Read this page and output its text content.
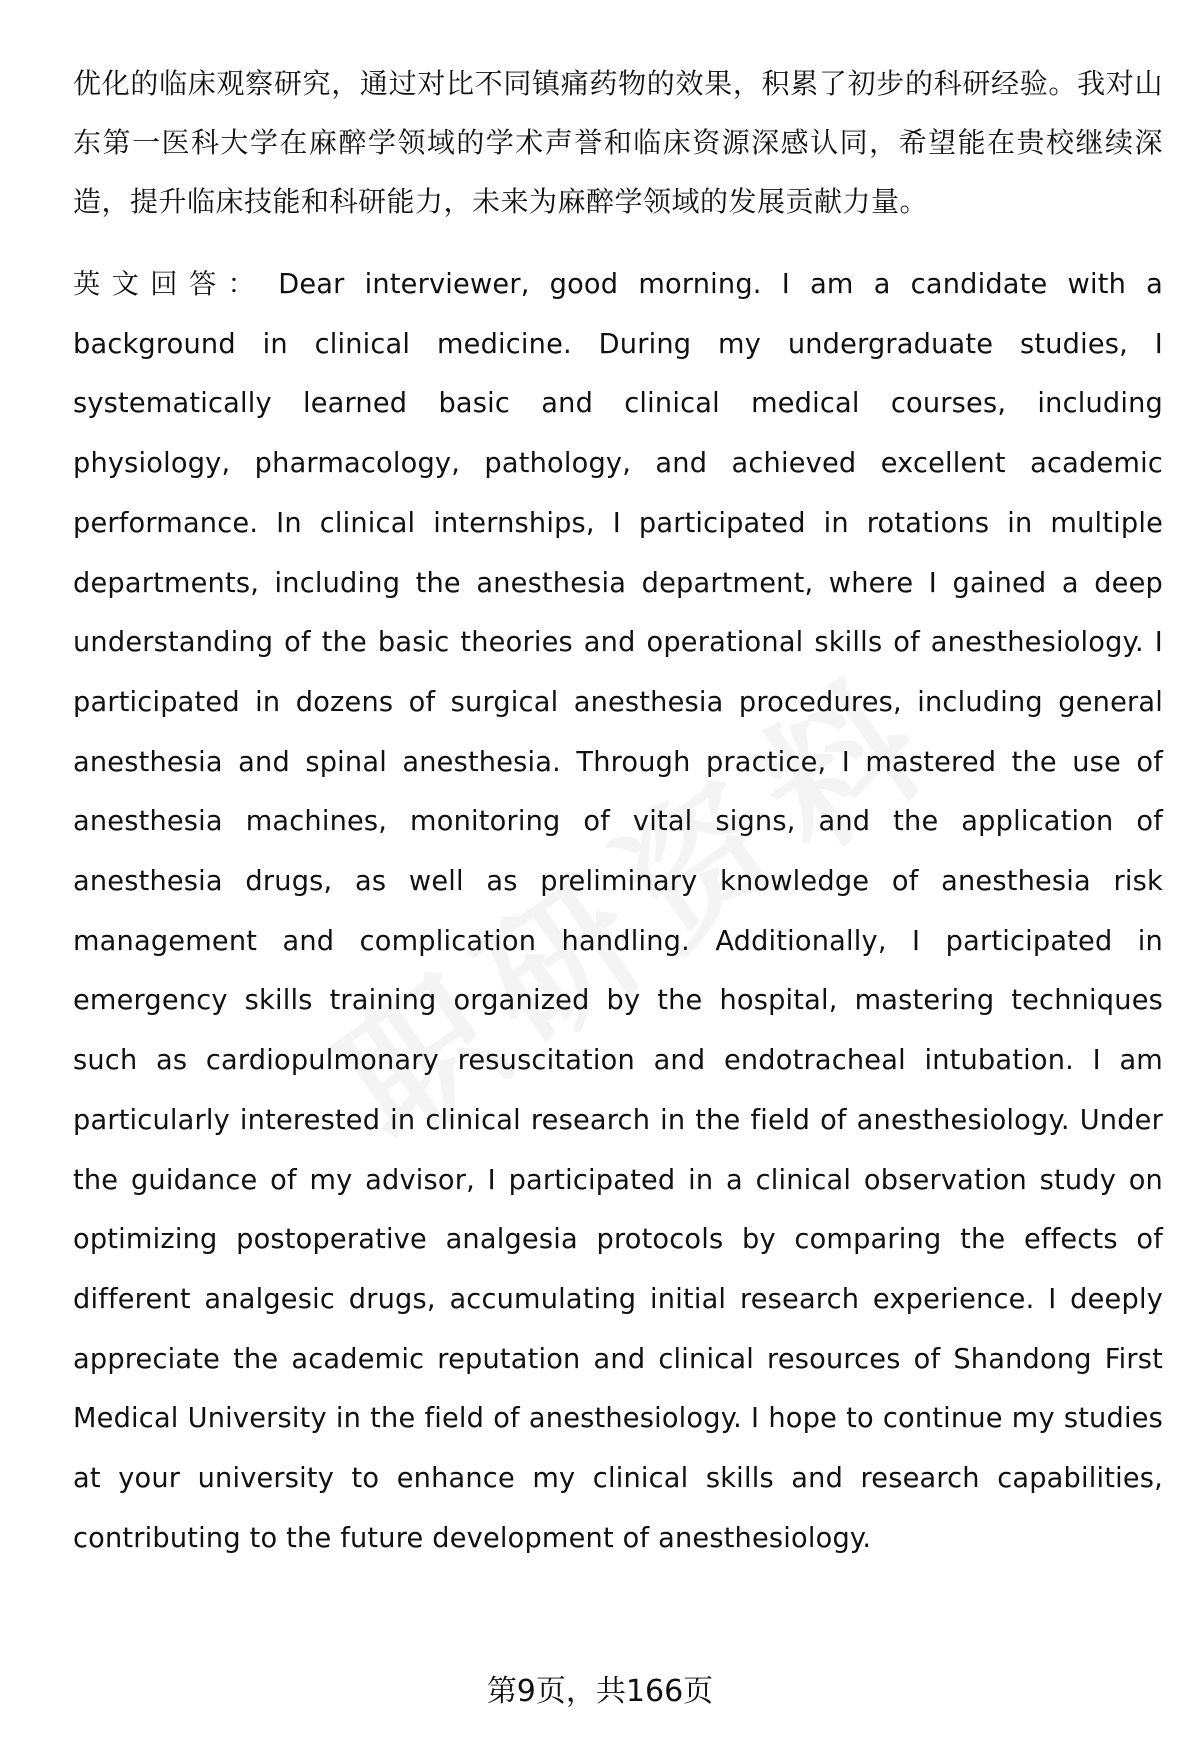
优化的临床观察研究，通过对比不同镇痛药物的效果，积累了初步的科研经验。我对山东第一医科大学在麻醉学领域的学术声誉和临床资源深感认同，希望能在贵校继续深造，提升临床技能和科研能力，未来为麻醉学领域的发展贡献力量。

英文回答： Dear interviewer, good morning. I am a candidate with a background in clinical medicine. During my undergraduate studies, I systematically learned basic and clinical medical courses, including physiology, pharmacology, pathology, and achieved excellent academic performance. In clinical internships, I participated in rotations in multiple departments, including the anesthesia department, where I gained a deep understanding of the basic theories and operational skills of anesthesiology. I participated in dozens of surgical anesthesia procedures, including general anesthesia and spinal anesthesia. Through practice, I mastered the use of anesthesia machines, monitoring of vital signs, and the application of anesthesia drugs, as well as preliminary knowledge of anesthesia risk management and complication handling. Additionally, I participated in emergency skills training organized by the hospital, mastering techniques such as cardiopulmonary resuscitation and endotracheal intubation. I am particularly interested in clinical research in the field of anesthesiology. Under the guidance of my advisor, I participated in a clinical observation study on optimizing postoperative analgesia protocols by comparing the effects of different analgesic drugs, accumulating initial research experience. I deeply appreciate the academic reputation and clinical resources of Shandong First Medical University in the field of anesthesiology. I hope to continue my studies at your university to enhance my clinical skills and research capabilities, contributing to the future development of anesthesiology.

第9页，共166页
